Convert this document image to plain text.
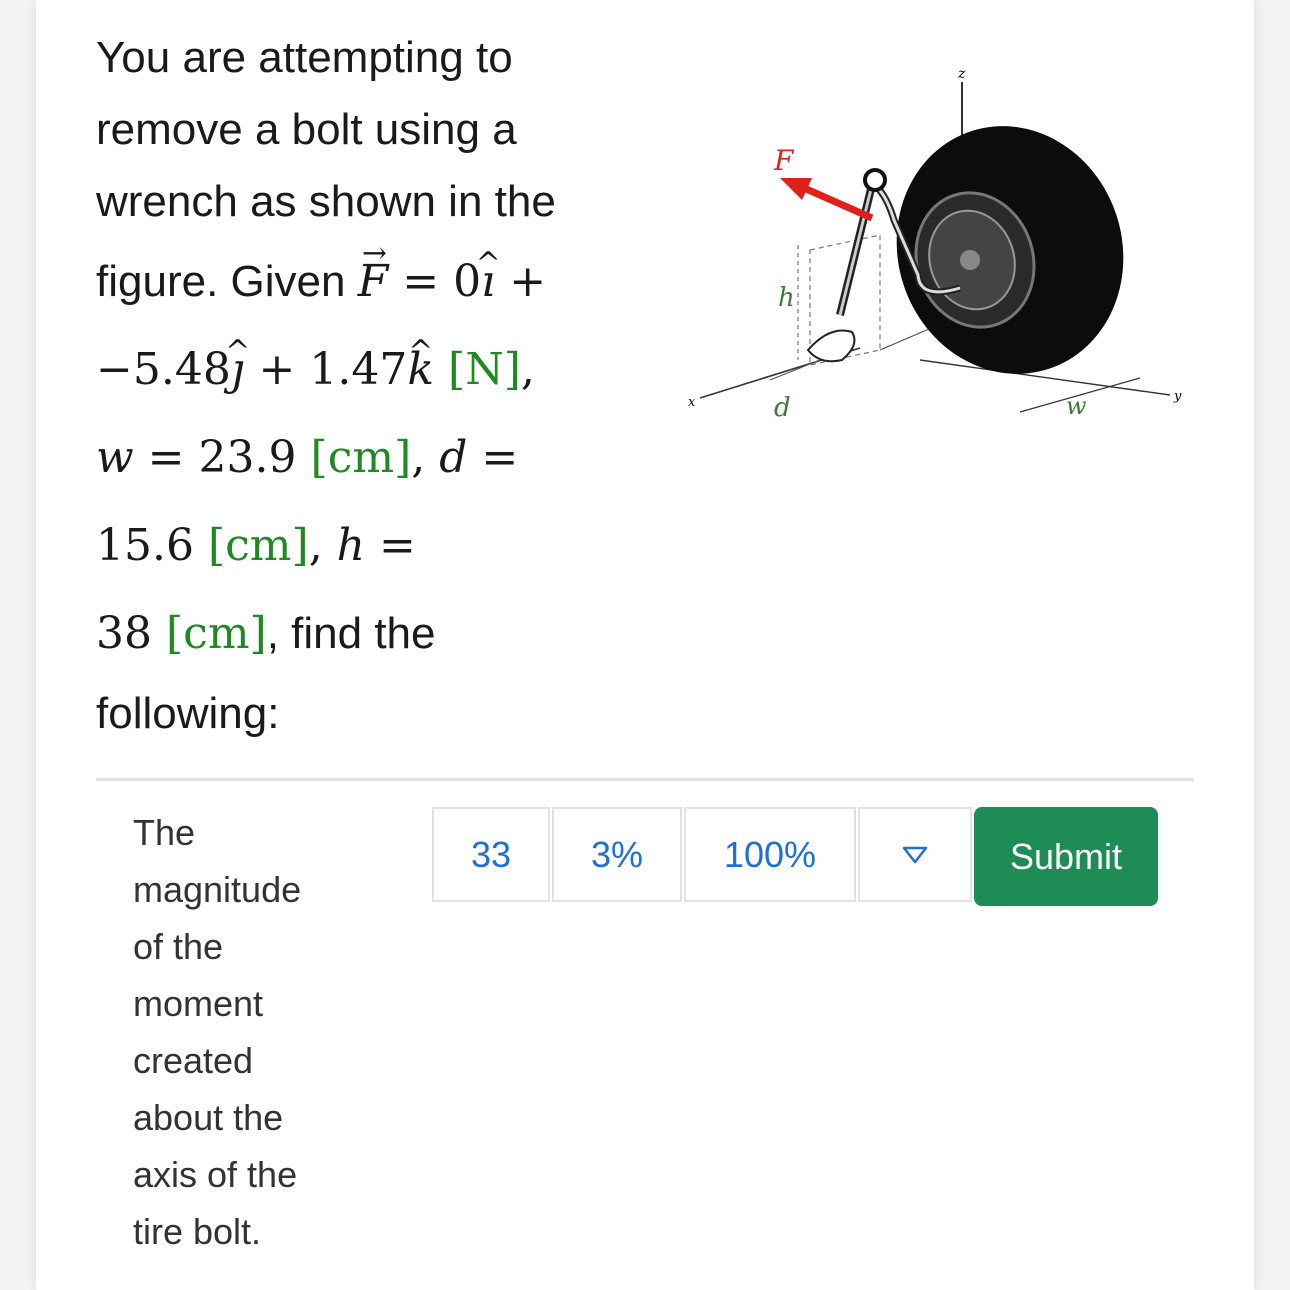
You are attempting to
remove a bolt using a
wrench as shown in the
figure. Given

→ F = 0^ ı +
−5.48^ ȷ + 1.47^ k [N],
w = 23.9 [cm], d =
15.6 [cm], h =
38 [cm] , find the
following:
z
x	y
w
F
h
d
The
magnitude
of the
moment
created
about the
axis of the
tire bolt.
33	3%	100%	Submit
